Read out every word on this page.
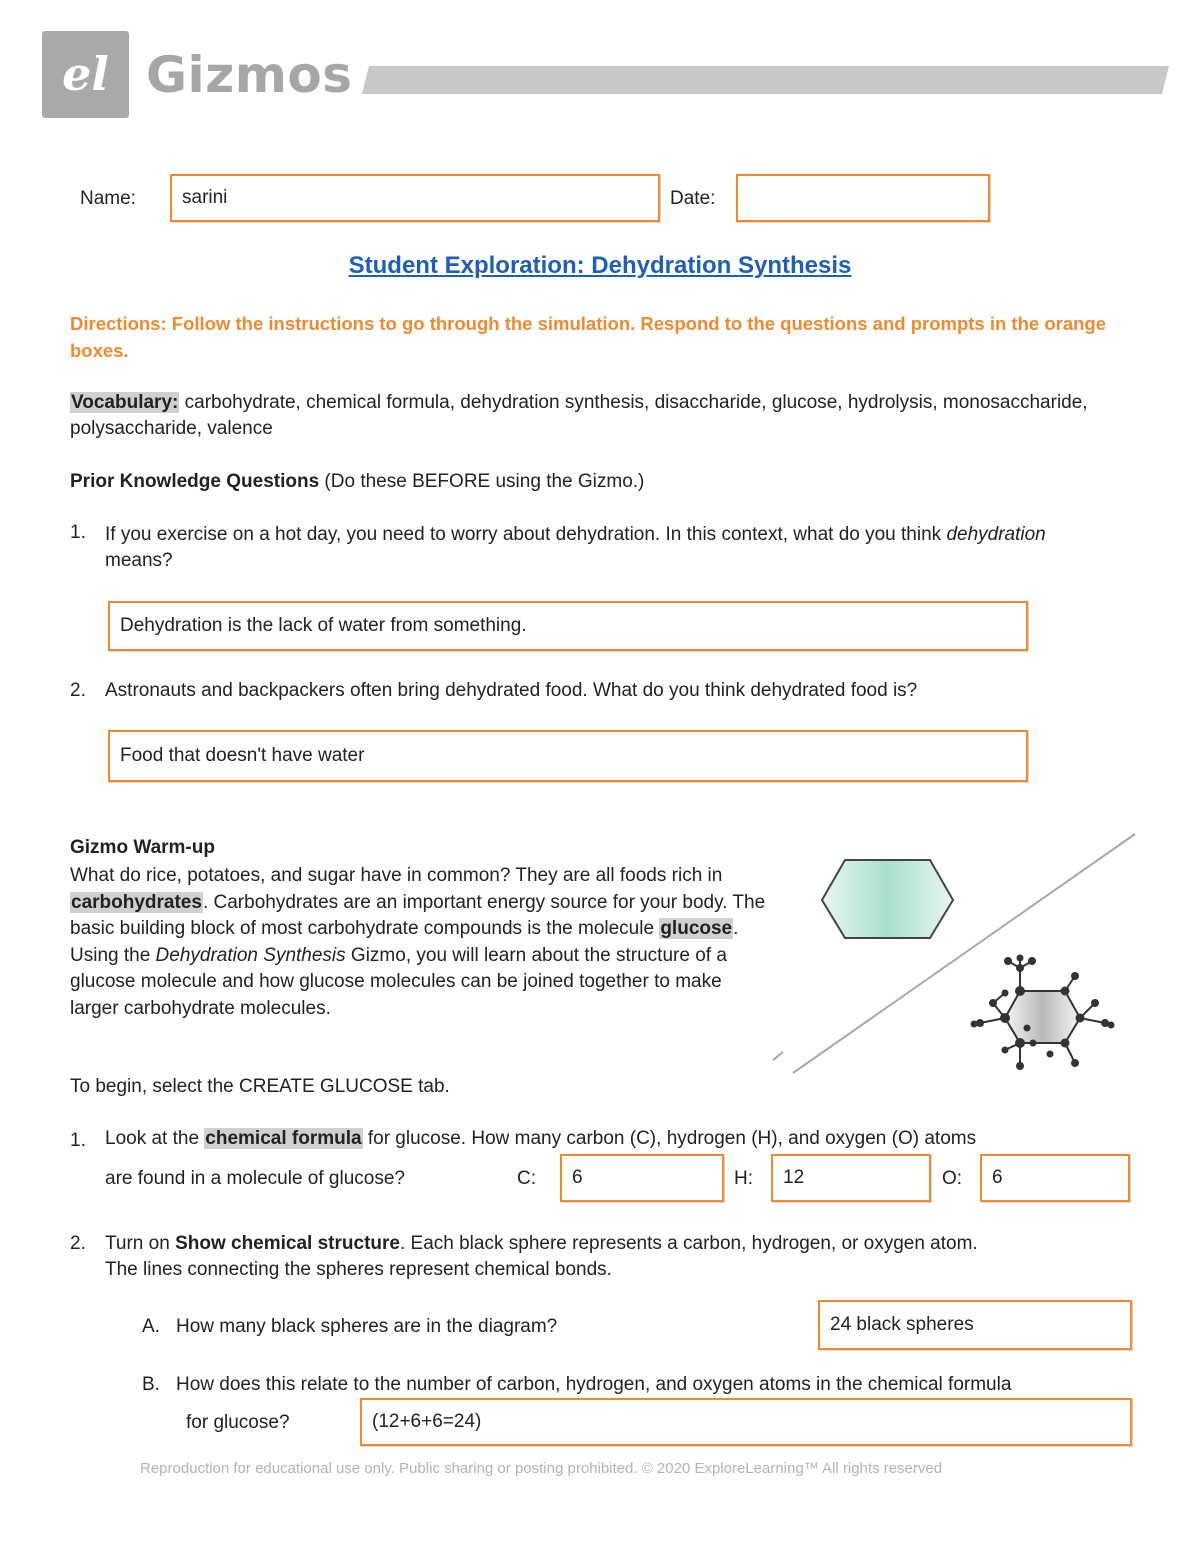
el Gizmos
Name: sarini	Date:
Student Exploration: Dehydration Synthesis
Directions: Follow the instructions to go through the simulation. Respond to the questions and prompts in the orange boxes.
Vocabulary: carbohydrate, chemical formula, dehydration synthesis, disaccharide, glucose, hydrolysis, monosaccharide, polysaccharide, valence
Prior Knowledge Questions (Do these BEFORE using the Gizmo.)
1. If you exercise on a hot day, you need to worry about dehydration. In this context, what do you think dehydration means?
Dehydration is the lack of water from something.
2. Astronauts and backpackers often bring dehydrated food. What do you think dehydrated food is?
Food that doesn't have water
Gizmo Warm-up
What do rice, potatoes, and sugar have in common? They are all foods rich in carbohydrates. Carbohydrates are an important energy source for your body. The basic building block of most carbohydrate compounds is the molecule glucose. Using the Dehydration Synthesis Gizmo, you will learn about the structure of a glucose molecule and how glucose molecules can be joined together to make larger carbohydrate molecules.
To begin, select the CREATE GLUCOSE tab.
1. Look at the chemical formula for glucose. How many carbon (C), hydrogen (H), and oxygen (O) atoms
are found in a molecule of glucose?	C: 6	H: 12	O: 6
2. Turn on Show chemical structure. Each black sphere represents a carbon, hydrogen, or oxygen atom.
The lines connecting the spheres represent chemical bonds.
A. How many black spheres are in the diagram?	24 black spheres
B. How does this relate to the number of carbon, hydrogen, and oxygen atoms in the chemical formula
for glucose?	(12+6+6=24)
Reproduction for educational use only. Public sharing or posting prohibited. © 2020 ExploreLearning™ All rights reserved
